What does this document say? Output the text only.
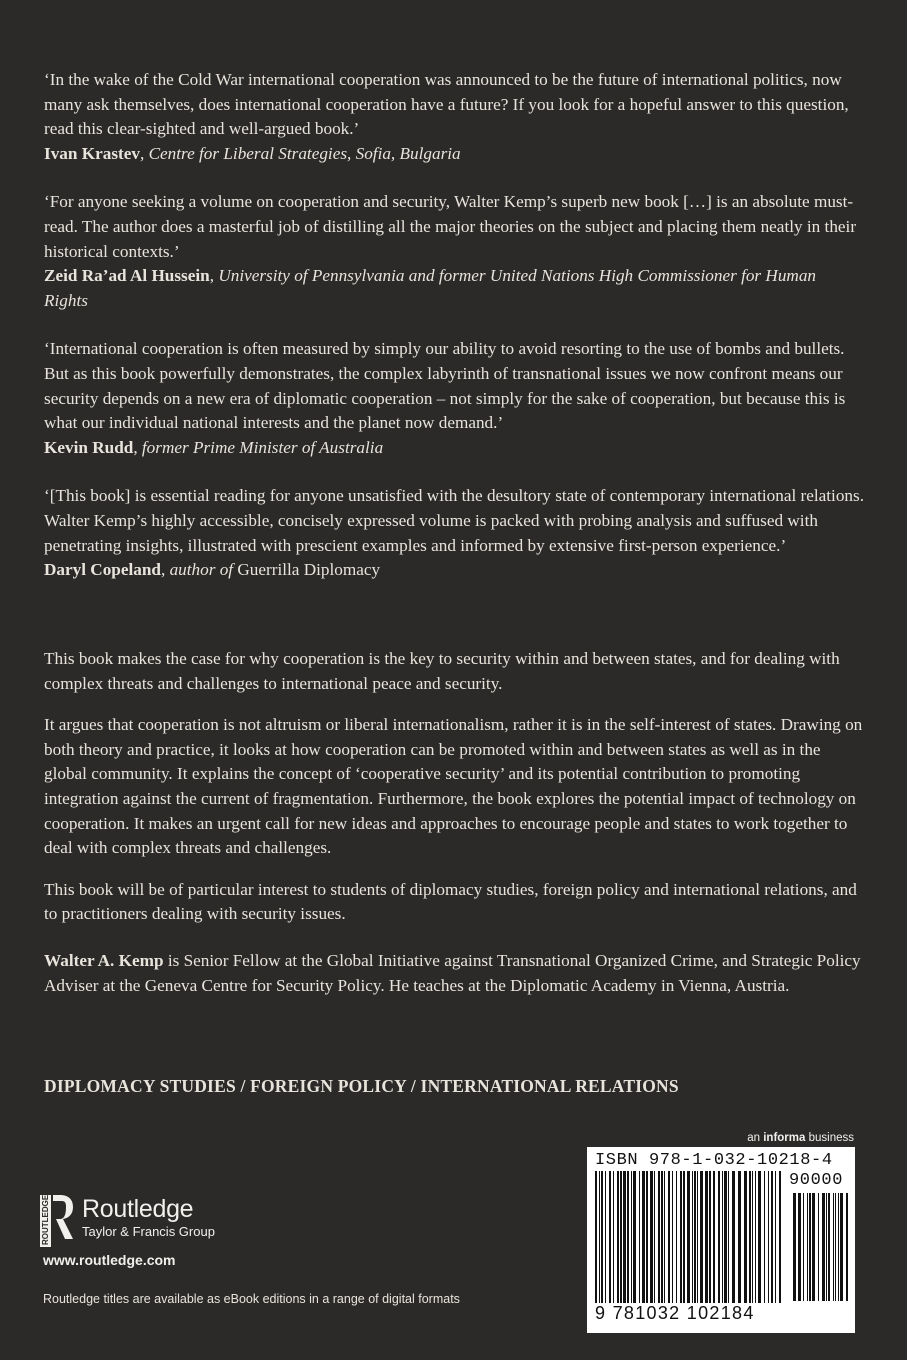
‘In the wake of the Cold War international cooperation was announced to be the future of international politics, now many ask themselves, does international cooperation have a future? If you look for a hopeful answer to this question, read this clear-sighted and well-argued book.’
Ivan Krastev, Centre for Liberal Strategies, Sofia, Bulgaria
‘For anyone seeking a volume on cooperation and security, Walter Kemp’s superb new book […] is an absolute must-read. The author does a masterful job of distilling all the major theories on the subject and placing them neatly in their historical contexts.’
Zeid Ra’ad Al Hussein, University of Pennsylvania and former United Nations High Commissioner for Human Rights
‘International cooperation is often measured by simply our ability to avoid resorting to the use of bombs and bullets. But as this book powerfully demonstrates, the complex labyrinth of transnational issues we now confront means our security depends on a new era of diplomatic cooperation – not simply for the sake of cooperation, but because this is what our individual national interests and the planet now demand.’
Kevin Rudd, former Prime Minister of Australia
‘[This book] is essential reading for anyone unsatisfied with the desultory state of contemporary international relations. Walter Kemp’s highly accessible, concisely expressed volume is packed with probing analysis and suffused with penetrating insights, illustrated with prescient examples and informed by extensive first-person experience.’
Daryl Copeland, author of Guerrilla Diplomacy

This book makes the case for why cooperation is the key to security within and between states, and for dealing with complex threats and challenges to international peace and security.

It argues that cooperation is not altruism or liberal internationalism, rather it is in the self-interest of states. Drawing on both theory and practice, it looks at how cooperation can be promoted within and between states as well as in the global community. It explains the concept of ‘cooperative security’ and its potential contribution to promoting integration against the current of fragmentation. Furthermore, the book explores the potential impact of technology on cooperation. It makes an urgent call for new ideas and approaches to encourage people and states to work together to deal with complex threats and challenges.

This book will be of particular interest to students of diplomacy studies, foreign policy and international relations, and to practitioners dealing with security issues.

Walter A. Kemp is Senior Fellow at the Global Initiative against Transnational Organized Crime, and Strategic Policy Adviser at the Geneva Centre for Security Policy. He teaches at the Diplomatic Academy in Vienna, Austria.

DIPLOMACY STUDIES / FOREIGN POLICY / INTERNATIONAL RELATIONS
ROUTLEDGE Routledge
Taylor & Francis Group
www.routledge.com
Routledge titles are available as eBook editions in a range of digital formats
an informa business
ISBN 978-1-032-10218-4
90000
9 781032 102184
